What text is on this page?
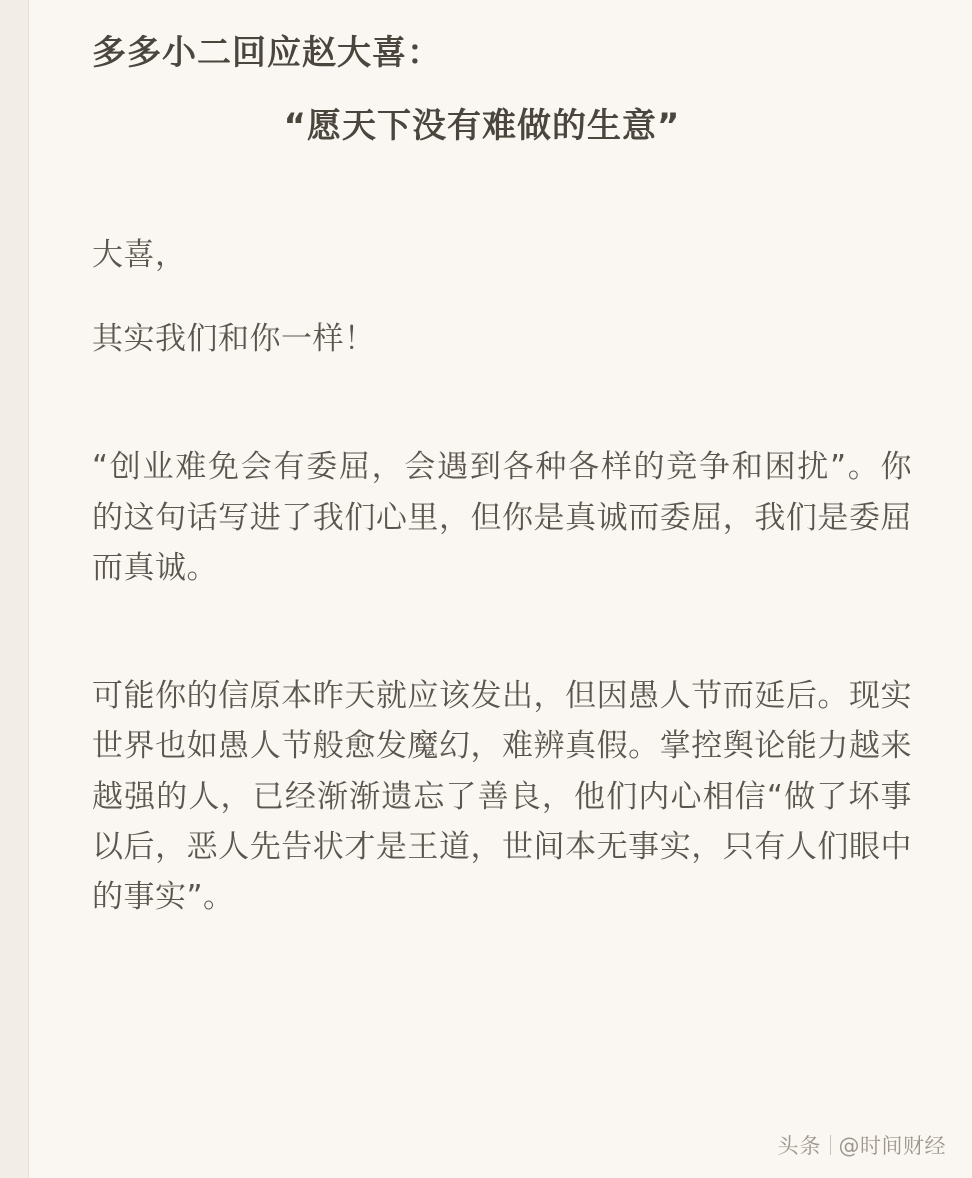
多多小二回应赵大喜：
“愿天下没有难做的生意”

大喜，

其实我们和你一样！

“创业难免会有委屈，会遇到各种各样的竞争和困扰”。你的这句话写进了我们心里，但你是真诚而委屈，我们是委屈而真诚。

可能你的信原本昨天就应该发出，但因愚人节而延后。现实世界也如愚人节般愈发魔幻，难辨真假。掌控舆论能力越来越强的人，已经渐渐遗忘了善良，他们内心相信“做了坏事以后，恶人先告状才是王道，世间本无事实，只有人们眼中的事实”。

头条 @时间财经
